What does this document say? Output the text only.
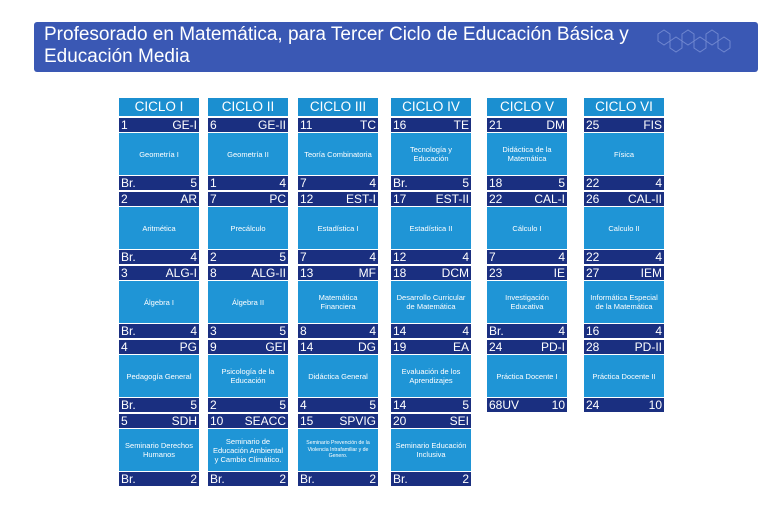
Profesorado en Matemática, para Tercer Ciclo de Educación Básica y Educación Media
CICLO I
1	GE-I
Geometría I
Br.	5
2	AR
Aritmética
Br.	4
3	ALG-I
Álgebra I
Br.	4
4	PG
Pedagogía General
Br.	5
5	SDH
Seminario Derechos Humanos
Br.	2
CICLO II
6	GE-II
Geometría II
1	4
7	PC
Precálculo
2	5
8	ALG-II
Álgebra II
3	5
9	GEI
Psicología de la Educación
2	5
10 SEACC
Seminario de Educación Ambiental y Cambio Climático.
Br.	2
CICLO III
11	TC
Teoría Combinatoria
7	4
12	EST-I
Estadística I
7	4
13	MF
Matemática Financiera
8	4
14	DG
Didáctica General
4	5
15 SPVIG
Seminario Prevención de la Violencia Intrafamiliar y de Genero.
Br.	2
CICLO IV
16	TE
Tecnología y Educación
Br.	5
17 EST-II
Estadística II
12	4
18	DCM
Desarrollo Curricular de Matemática
14	4
19	EA
Evaluación de los Aprendizajes
14	5
20	SEI
Seminario Educación Inclusiva
Br.	2
CICLO V
21	DM
Didáctica de la Matemática
18	5
22	CAL-I
Cálculo I
7	4
23	IE
Investigación Educativa
Br.	4
24	PD-I
Práctica Docente I
68UV	10
CICLO VI
25	FIS
Física
22	4
26 CAL-II
Calculo II
22	4
27	IEM
Informática Especial de la Matemática
16	4
28	PD-II
Práctica Docente II
24	10
